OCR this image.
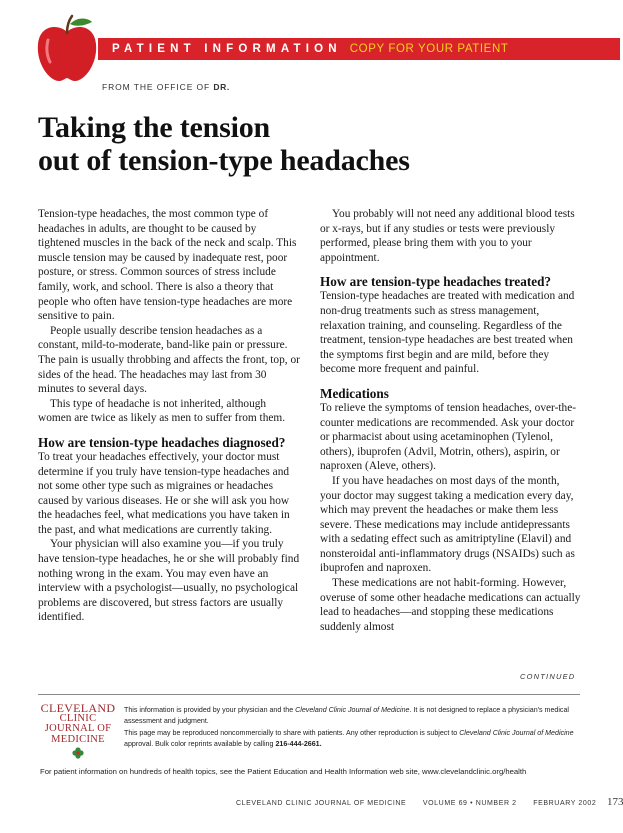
PATIENT INFORMATION COPY FOR YOUR PATIENT
FROM THE OFFICE OF DR.
Taking the tension
out of tension-type headaches

Tension-type headaches, the most common type of headaches in adults, are thought to be caused by tightened muscles in the back of the neck and scalp. This muscle tension may be caused by inadequate rest, poor posture, or stress. Common sources of stress include family, work, and school. There is also a theory that people who often have tension-type headaches are more sensitive to pain.

People usually describe tension headaches as a constant, mild-to-moderate, band-like pain or pressure. The pain is usually throbbing and affects the front, top, or sides of the head. The headaches may last from 30 minutes to several days.

This type of headache is not inherited, although women are twice as likely as men to suffer from them.

How are tension-type headaches diagnosed?

To treat your headaches effectively, your doctor must determine if you truly have tension-type headaches and not some other type such as migraines or headaches caused by various diseases. He or she will ask you how the headaches feel, what medications you have taken in the past, and what medications are currently taking.

Your physician will also examine you—if you truly have tension-type headaches, he or she will probably find nothing wrong in the exam. You may even have an interview with a psychologist—usually, no psychological problems are discovered, but stress factors are usually identified.

You probably will not need any additional blood tests or x-rays, but if any studies or tests were previously performed, please bring them with you to your appointment.

How are tension-type headaches treated?

Tension-type headaches are treated with medication and non-drug treatments such as stress management, relaxation training, and counseling. Regardless of the treatment, tension-type headaches are best treated when the symptoms first begin and are mild, before they become more frequent and painful.

Medications

To relieve the symptoms of tension headaches, over-the-counter medications are recommended. Ask your doctor or pharmacist about using acetaminophen (Tylenol, others), ibuprofen (Advil, Motrin, others), aspirin, or naproxen (Aleve, others).

If you have headaches on most days of the month, your doctor may suggest taking a medication every day, which may prevent the headaches or make them less severe. These medications may include antidepressants with a sedating effect such as amitriptyline (Elavil) and nonsteroidal anti-inflammatory drugs (NSAIDs) such as ibuprofen and naproxen.

These medications are not habit-forming. However, overuse of some other headache medications can actually lead to headaches—and stopping these medications suddenly almost

CONTINUED
CLEVELAND
CLINIC
JOURNAL OF
MEDICINE

This information is provided by your physician and the Cleveland Clinic Journal of Medicine. It is not designed to replace a physician's medical assessment and judgment.

This page may be reproduced noncommercially to share with patients. Any other reproduction is subject to Cleveland Clinic Journal of Medicine approval. Bulk color reprints available by calling 216-444-2661.

For patient information on hundreds of health topics, see the Patient Education and Health Information web site, www.clevelandclinic.org/health
CLEVELAND CLINIC JOURNAL OF MEDICINE VOLUME 69 • NUMBER 2 FEBRUARY 2002 173
